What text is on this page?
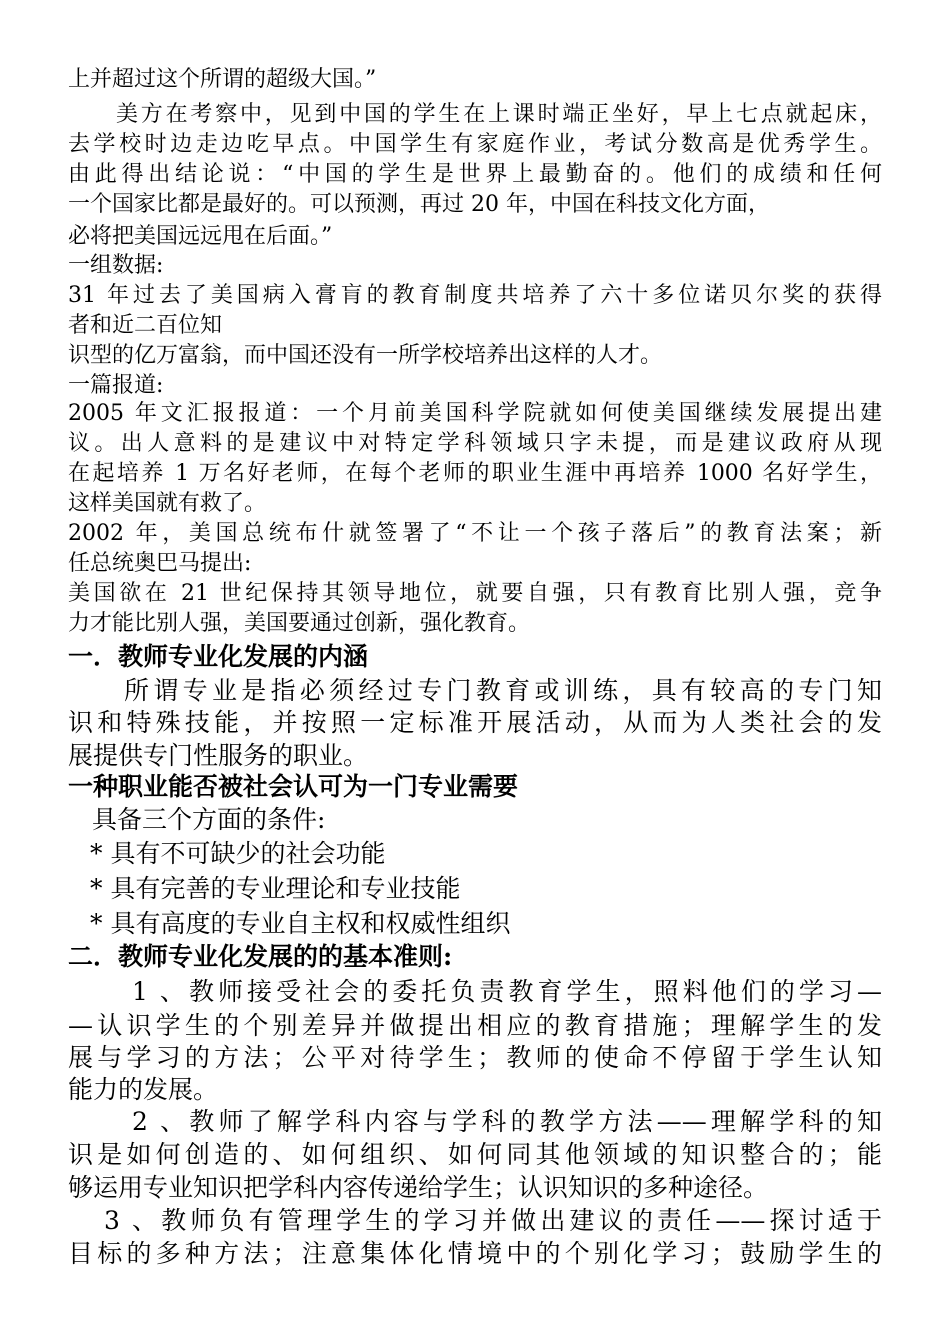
上并超过这个所谓的超级大国。”
美方在考察中，见到中国的学生在上课时端正坐好，早上七点就起床，
去学校时边走边吃早点。中国学生有家庭作业，考试分数高是优秀学生。
由此得出结论说：“中国的学生是世界上最勤奋的。他们的成绩和任何
一个国家比都是最好的。可以预测，再过 20 年，中国在科技文化方面，
必将把美国远远甩在后面。”
一组数据:
31 年过去了美国病入膏肓的教育制度共培养了六十多位诺贝尔奖的获得
者和近二百位知
识型的亿万富翁，而中国还没有一所学校培养出这样的人才。
一篇报道:
2005 年文汇报报道：一个月前美国科学院就如何使美国继续发展提出建
议。出人意料的是建议中对特定学科领域只字未提，而是建议政府从现
在起培养 1 万名好老师，在每个老师的职业生涯中再培养 1000 名好学生，
这样美国就有救了。
2002 年，美国总统布什就签署了“不让一个孩子落后”的教育法案；新
任总统奥巴马提出:
美国欲在 21 世纪保持其领导地位，就要自强，只有教育比别人强，竞争
力才能比别人强，美国要通过创新，强化教育。
一．教师专业化发展的内涵
所谓专业是指必须经过专门教育或训练，具有较高的专门知
识和特殊技能，并按照一定标准开展活动，从而为人类社会的发
展提供专门性服务的职业。
一种职业能否被社会认可为一门专业需要
具备三个方面的条件:
* 具有不可缺少的社会功能
* 具有完善的专业理论和专业技能
* 具有高度的专业自主权和权威性组织
二．教师专业化发展的的基本准则:
1 、教师接受社会的委托负责教育学生，照料他们的学习—
—认识学生的个别差异并做提出相应的教育措施；理解学生的发
展与学习的方法；公平对待学生；教师的使命不停留于学生认知
能力的发展。
2 、教师了解学科内容与学科的教学方法——理解学科的知
识是如何创造的、如何组织、如何同其他领域的知识整合的；能
够运用专业知识把学科内容传递给学生；认识知识的多种途径。
3 、教师负有管理学生的学习并做出建议的责任——探讨适于
目标的多种方法；注意集体化情境中的个别化学习；鼓励学生的
